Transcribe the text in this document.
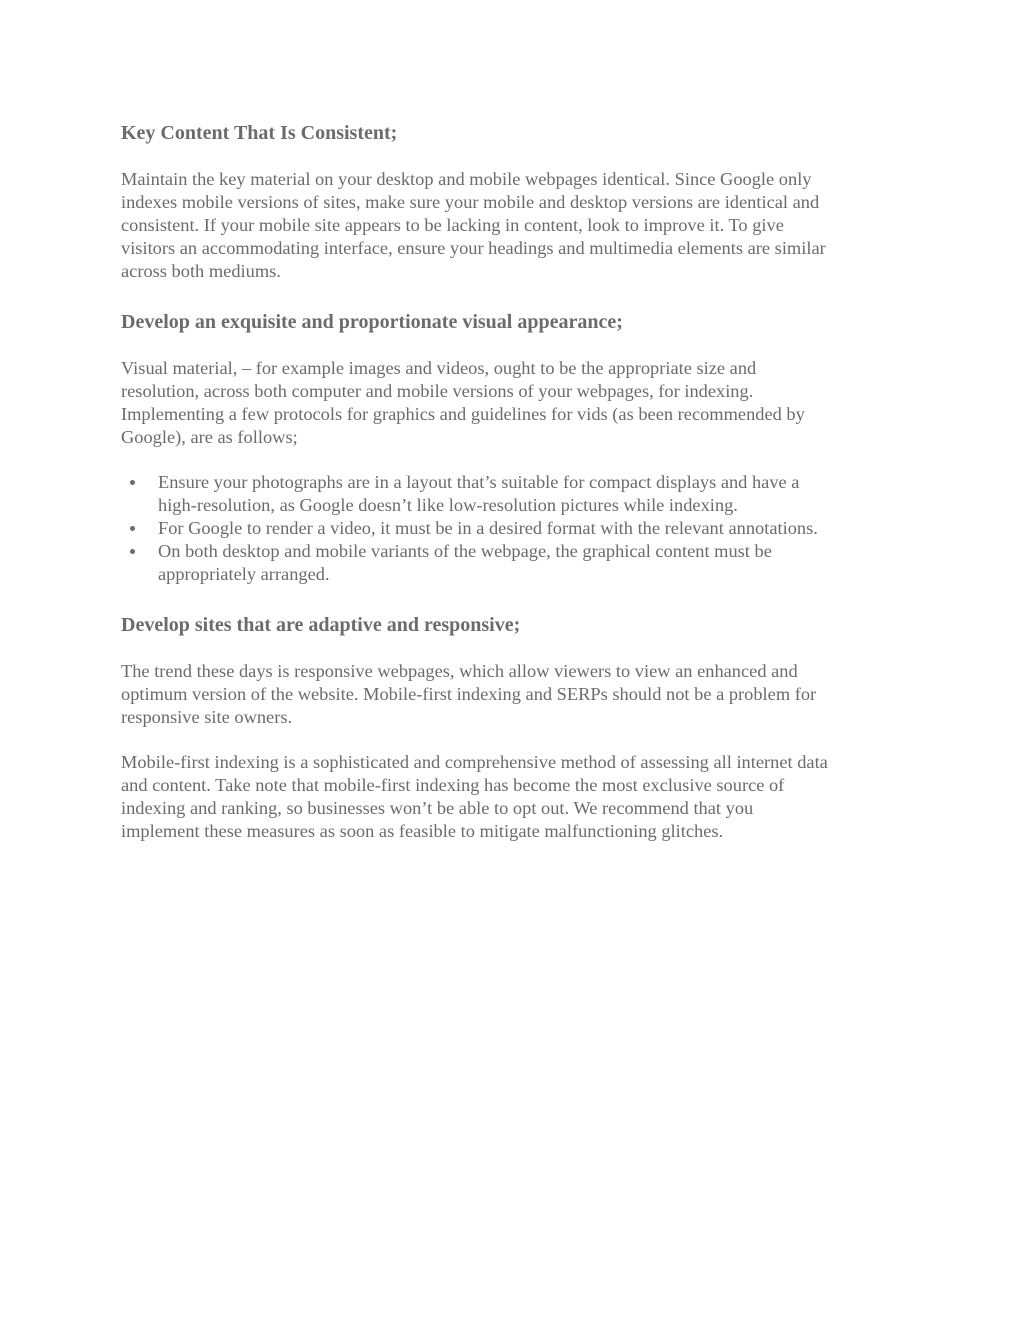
Key Content That Is Consistent;

Maintain the key material on your desktop and mobile webpages identical. Since Google only
indexes mobile versions of sites, make sure your mobile and desktop versions are identical and
consistent. If your mobile site appears to be lacking in content, look to improve it. To give
visitors an accommodating interface, ensure your headings and multimedia elements are similar
across both mediums.

Develop an exquisite and proportionate visual appearance;

Visual material, – for example images and videos, ought to be the appropriate size and
resolution, across both computer and mobile versions of your webpages, for indexing.
Implementing a few protocols for graphics and guidelines for vids (as been recommended by
Google), are as follows;

Ensure your photographs are in a layout that’s suitable for compact displays and have a
high-resolution, as Google doesn’t like low-resolution pictures while indexing.
For Google to render a video, it must be in a desired format with the relevant annotations.
On both desktop and mobile variants of the webpage, the graphical content must be
appropriately arranged.
Develop sites that are adaptive and responsive;

The trend these days is responsive webpages, which allow viewers to view an enhanced and
optimum version of the website. Mobile-first indexing and SERPs should not be a problem for
responsive site owners.

Mobile-first indexing is a sophisticated and comprehensive method of assessing all internet data
and content. Take note that mobile-first indexing has become the most exclusive source of
indexing and ranking, so businesses won’t be able to opt out. We recommend that you
implement these measures as soon as feasible to mitigate malfunctioning glitches.
